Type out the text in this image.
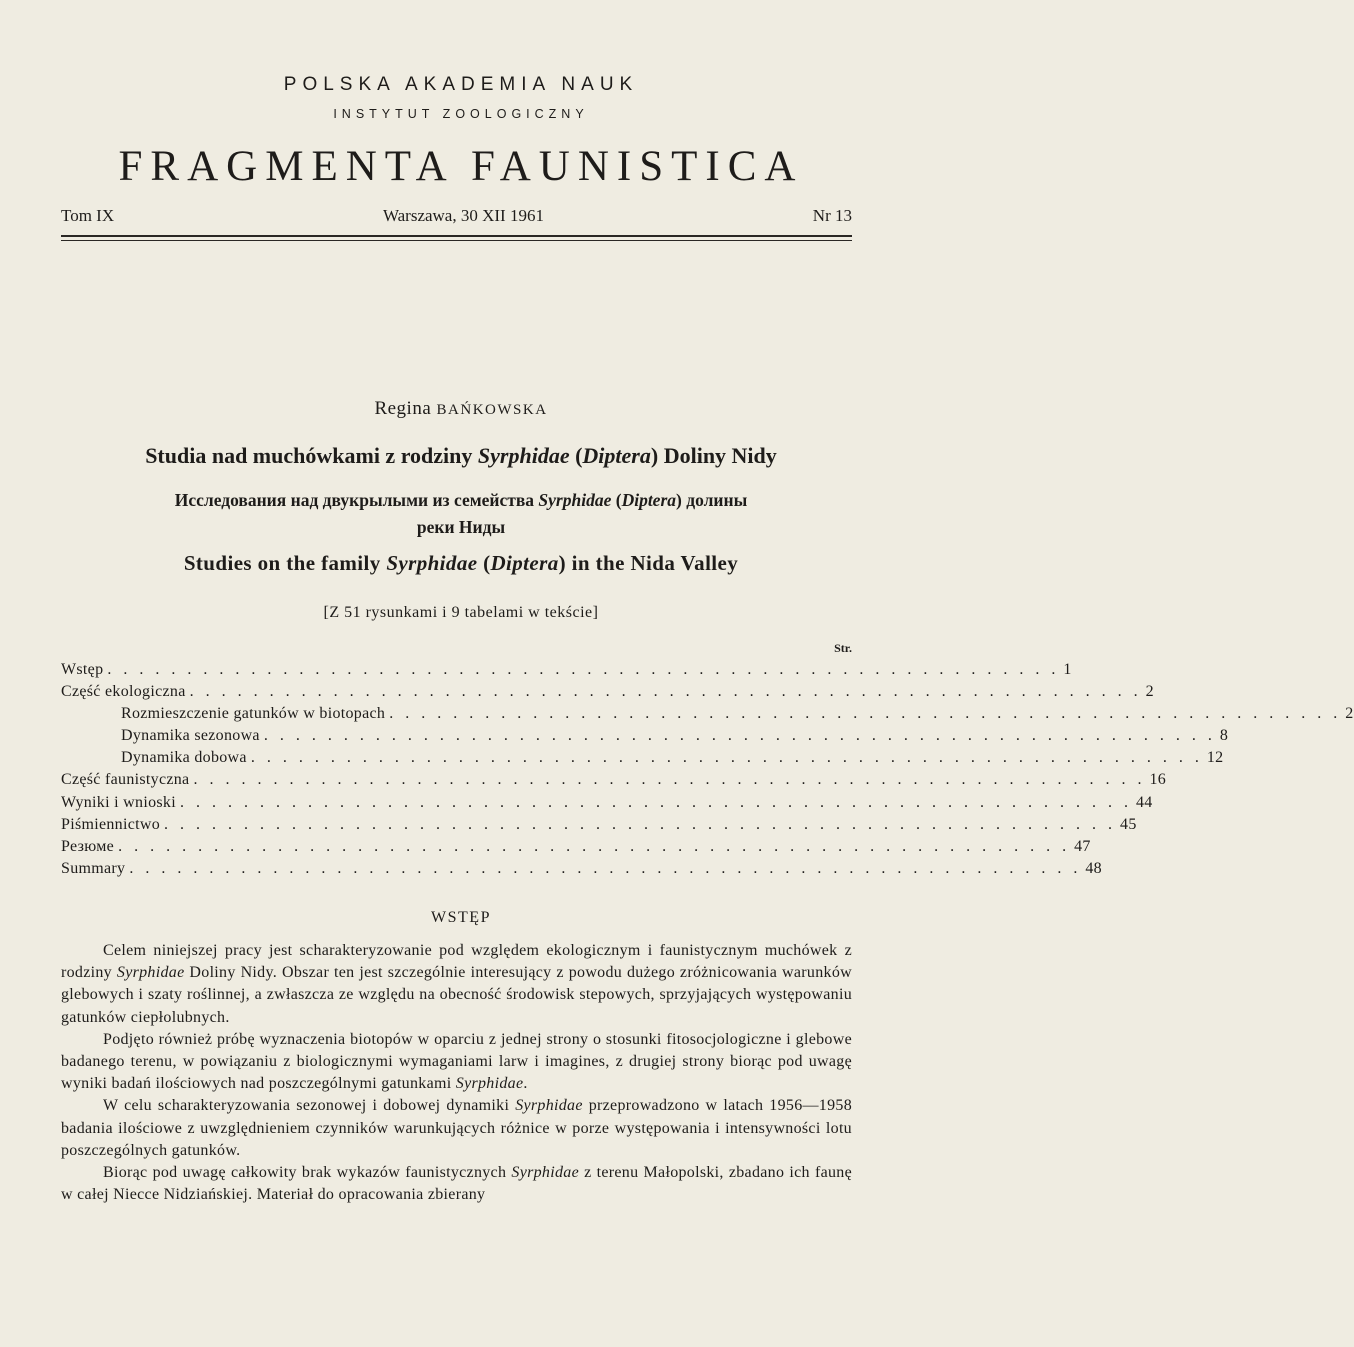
POLSKA AKADEMIA NAUK
INSTYTUT ZOOLOGICZNY
FRAGMENTA FAUNISTICA
Tom IX	Warszawa, 30 XII 1961	Nr 13
Regina BAŃKOWSKA
Studia nad muchówkami z rodziny Syrphidae (Diptera) Doliny Nidy
Исследования над двукрылыми из семейства Syrphidae (Diptera) долины
реки Ниды
Studies on the family Syrphidae (Diptera) in the Nida Valley
[Z 51 rysunkami i 9 tabelami w tekście]
Str.
Wstęp . . . . . . . . . . . . . . . . . . . . . . . . . . . . . . . . . . . . . . . . . . . . . . . . . . . . . . . . . . . . 1
Część ekologiczna . . . . . . . . . . . . . . . . . . . . . . . . . . . . . . . . . . . . . . . . . . . . . . . . . . . . . . . . . . . . 2
Rozmieszczenie gatunków w biotopach . . . . . . . . . . . . . . . . . . . . . . . . . . . . . . . . . . . . . . . . . . . . . . . . . . . . . . . . . . . . 2
Dynamika sezonowa . . . . . . . . . . . . . . . . . . . . . . . . . . . . . . . . . . . . . . . . . . . . . . . . . . . . . . . . . . . . 8
Dynamika dobowa . . . . . . . . . . . . . . . . . . . . . . . . . . . . . . . . . . . . . . . . . . . . . . . . . . . . . . . . . . . . 12
Część faunistyczna . . . . . . . . . . . . . . . . . . . . . . . . . . . . . . . . . . . . . . . . . . . . . . . . . . . . . . . . . . . . 16
Wyniki i wnioski . . . . . . . . . . . . . . . . . . . . . . . . . . . . . . . . . . . . . . . . . . . . . . . . . . . . . . . . . . . . 44
Piśmiennictwo . . . . . . . . . . . . . . . . . . . . . . . . . . . . . . . . . . . . . . . . . . . . . . . . . . . . . . . . . . . . 45
Резюме . . . . . . . . . . . . . . . . . . . . . . . . . . . . . . . . . . . . . . . . . . . . . . . . . . . . . . . . . . . . 47
Summary . . . . . . . . . . . . . . . . . . . . . . . . . . . . . . . . . . . . . . . . . . . . . . . . . . . . . . . . . . . . 48
WSTĘP

Celem niniejszej pracy jest scharakteryzowanie pod względem ekologicznym i faunistycznym muchówek z rodziny Syrphidae Doliny Nidy. Obszar ten jest szczególnie interesujący z powodu dużego zróżnicowania warunków glebowych i szaty roślinnej, a zwłaszcza ze względu na obecność środowisk stepowych, sprzyjających występowaniu gatunków ciepłolubnych.

Podjęto również próbę wyznaczenia biotopów w oparciu z jednej strony o stosunki fitosocjologiczne i glebowe badanego terenu, w powiązaniu z biologicznymi wymaganiami larw i imagines, z drugiej strony biorąc pod uwagę wyniki badań ilościowych nad poszczególnymi gatunkami Syrphidae.

W celu scharakteryzowania sezonowej i dobowej dynamiki Syrphidae przeprowadzono w latach 1956—1958 badania ilościowe z uwzględnieniem czynników warunkujących różnice w porze występowania i intensywności lotu poszczególnych gatunków.

Biorąc pod uwagę całkowity brak wykazów faunistycznych Syrphidae z terenu Małopolski, zbadano ich faunę w całej Niecce Nidziańskiej. Materiał do opracowania zbierany
